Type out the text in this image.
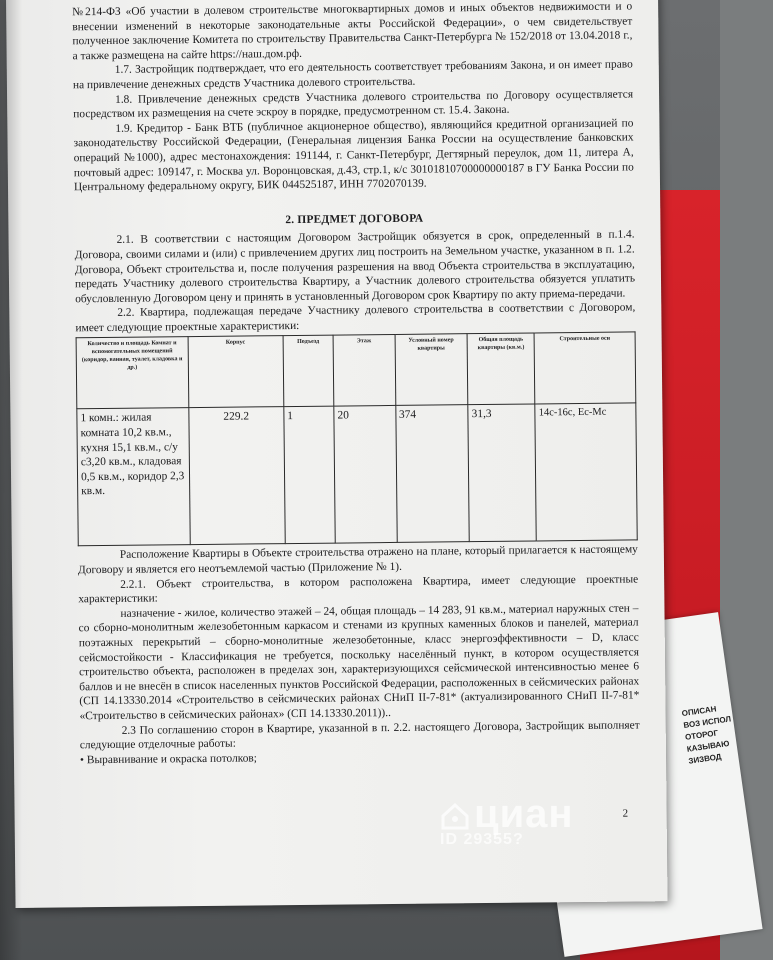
ОПИСАН
ВОЗ ИСПОЛ
ОТОРОГ
КАЗЫВАЮ
ЗИЗВОД

№214-ФЗ «Об участии в долевом строительстве многоквартирных домов и иных объектов недвижимости и о внесении изменений в некоторые законодательные акты Российской Федерации», о чем свидетельствует полученное заключение Комитета по строительству Правительства Санкт-Петербурга № 152/2018 от 13.04.2018 г., а также размещена на сайте https://наш.дом.рф.

1.7. Застройщик подтверждает, что его деятельность соответствует требованиям Закона, и он имеет право на привлечение денежных средств Участника долевого строительства.

1.8. Привлечение денежных средств Участника долевого строительства по Договору осуществляется посредством их размещения на счете эскроу в порядке, предусмотренном ст. 15.4. Закона.

1.9. Кредитор - Банк ВТБ (публичное акционерное общество), являющийся кредитной организацией по законодательству Российской Федерации, (Генеральная лицензия Банка России на осуществление банковских операций №1000), адрес местонахождения: 191144, г. Санкт-Петербург, Дегтярный переулок, дом 11, литера А, почтовый адрес: 109147, г. Москва ул. Воронцовская, д.43, стр.1, к/с 30101810700000000187 в ГУ Банка России по Центральному федеральному округу, БИК 044525187, ИНН 7702070139.

2. ПРЕДМЕТ ДОГОВОРА

2.1. В соответствии с настоящим Договором Застройщик обязуется в срок, определенный в п.1.4. Договора, своими силами и (или) с привлечением других лиц построить на Земельном участке, указанном в п. 1.2. Договора, Объект строительства и, после получения разрешения на ввод Объекта строительства в эксплуатацию, передать Участнику долевого строительства Квартиру, а Участник долевого строительства обязуется уплатить обусловленную Договором цену и принять в установленный Договором срок Квартиру по акту приема-передачи.

2.2. Квартира, подлежащая передаче Участнику долевого строительства в соответствии с Договором, имеет следующие проектные характеристики:

Количество и площадь Комнат и вспомогательных помещений (коридор, ванная, туалет, кладовка и др.)	Корпус	Подъезд	Этаж	Условный номер квартиры	Общая площадь квартиры (кв.м.)	Строительные оси
1 комн.: жилая комната 10,2 кв.м., кухня 15,1 кв.м., с/у с3,20 кв.м., кладовая 0,5 кв.м., коридор 2,3 кв.м.	229.2	1	20	374	31,3	14с-16с, Ес-Мс

Расположение Квартиры в Объекте строительства отражено на плане, который прилагается к настоящему Договору и является его неотъемлемой частью (Приложение № 1).

2.2.1. Объект строительства, в котором расположена Квартира, имеет следующие проектные характеристики:

назначение - жилое, количество этажей – 24, общая площадь – 14 283, 91 кв.м., материал наружных стен – со сборно-монолитным железобетонным каркасом и стенами из крупных каменных блоков и панелей, материал поэтажных перекрытий – сборно-монолитные железобетонные, класс энергоэффективности – D, класс сейсмостойкости - Классификация не требуется, поскольку населённый пункт, в котором осуществляется строительство объекта, расположен в пределах зон, характеризующихся сейсмической интенсивностью менее 6 баллов и не внесён в список населенных пунктов Российской Федерации, расположенных в сейсмических районах (СП 14.13330.2014 «Строительство в сейсмических районах СНиП II-7-81* (актуализированного СНиП II-7-81* «Строительство в сейсмических районах» (СП 14.13330.2011))..

2.3 По соглашению сторон в Квартире, указанной в п. 2.2. настоящего Договора, Застройщик выполняет следующие отделочные работы:

• Выравнивание и окраска потолков;

2
циан
ID 29355?
